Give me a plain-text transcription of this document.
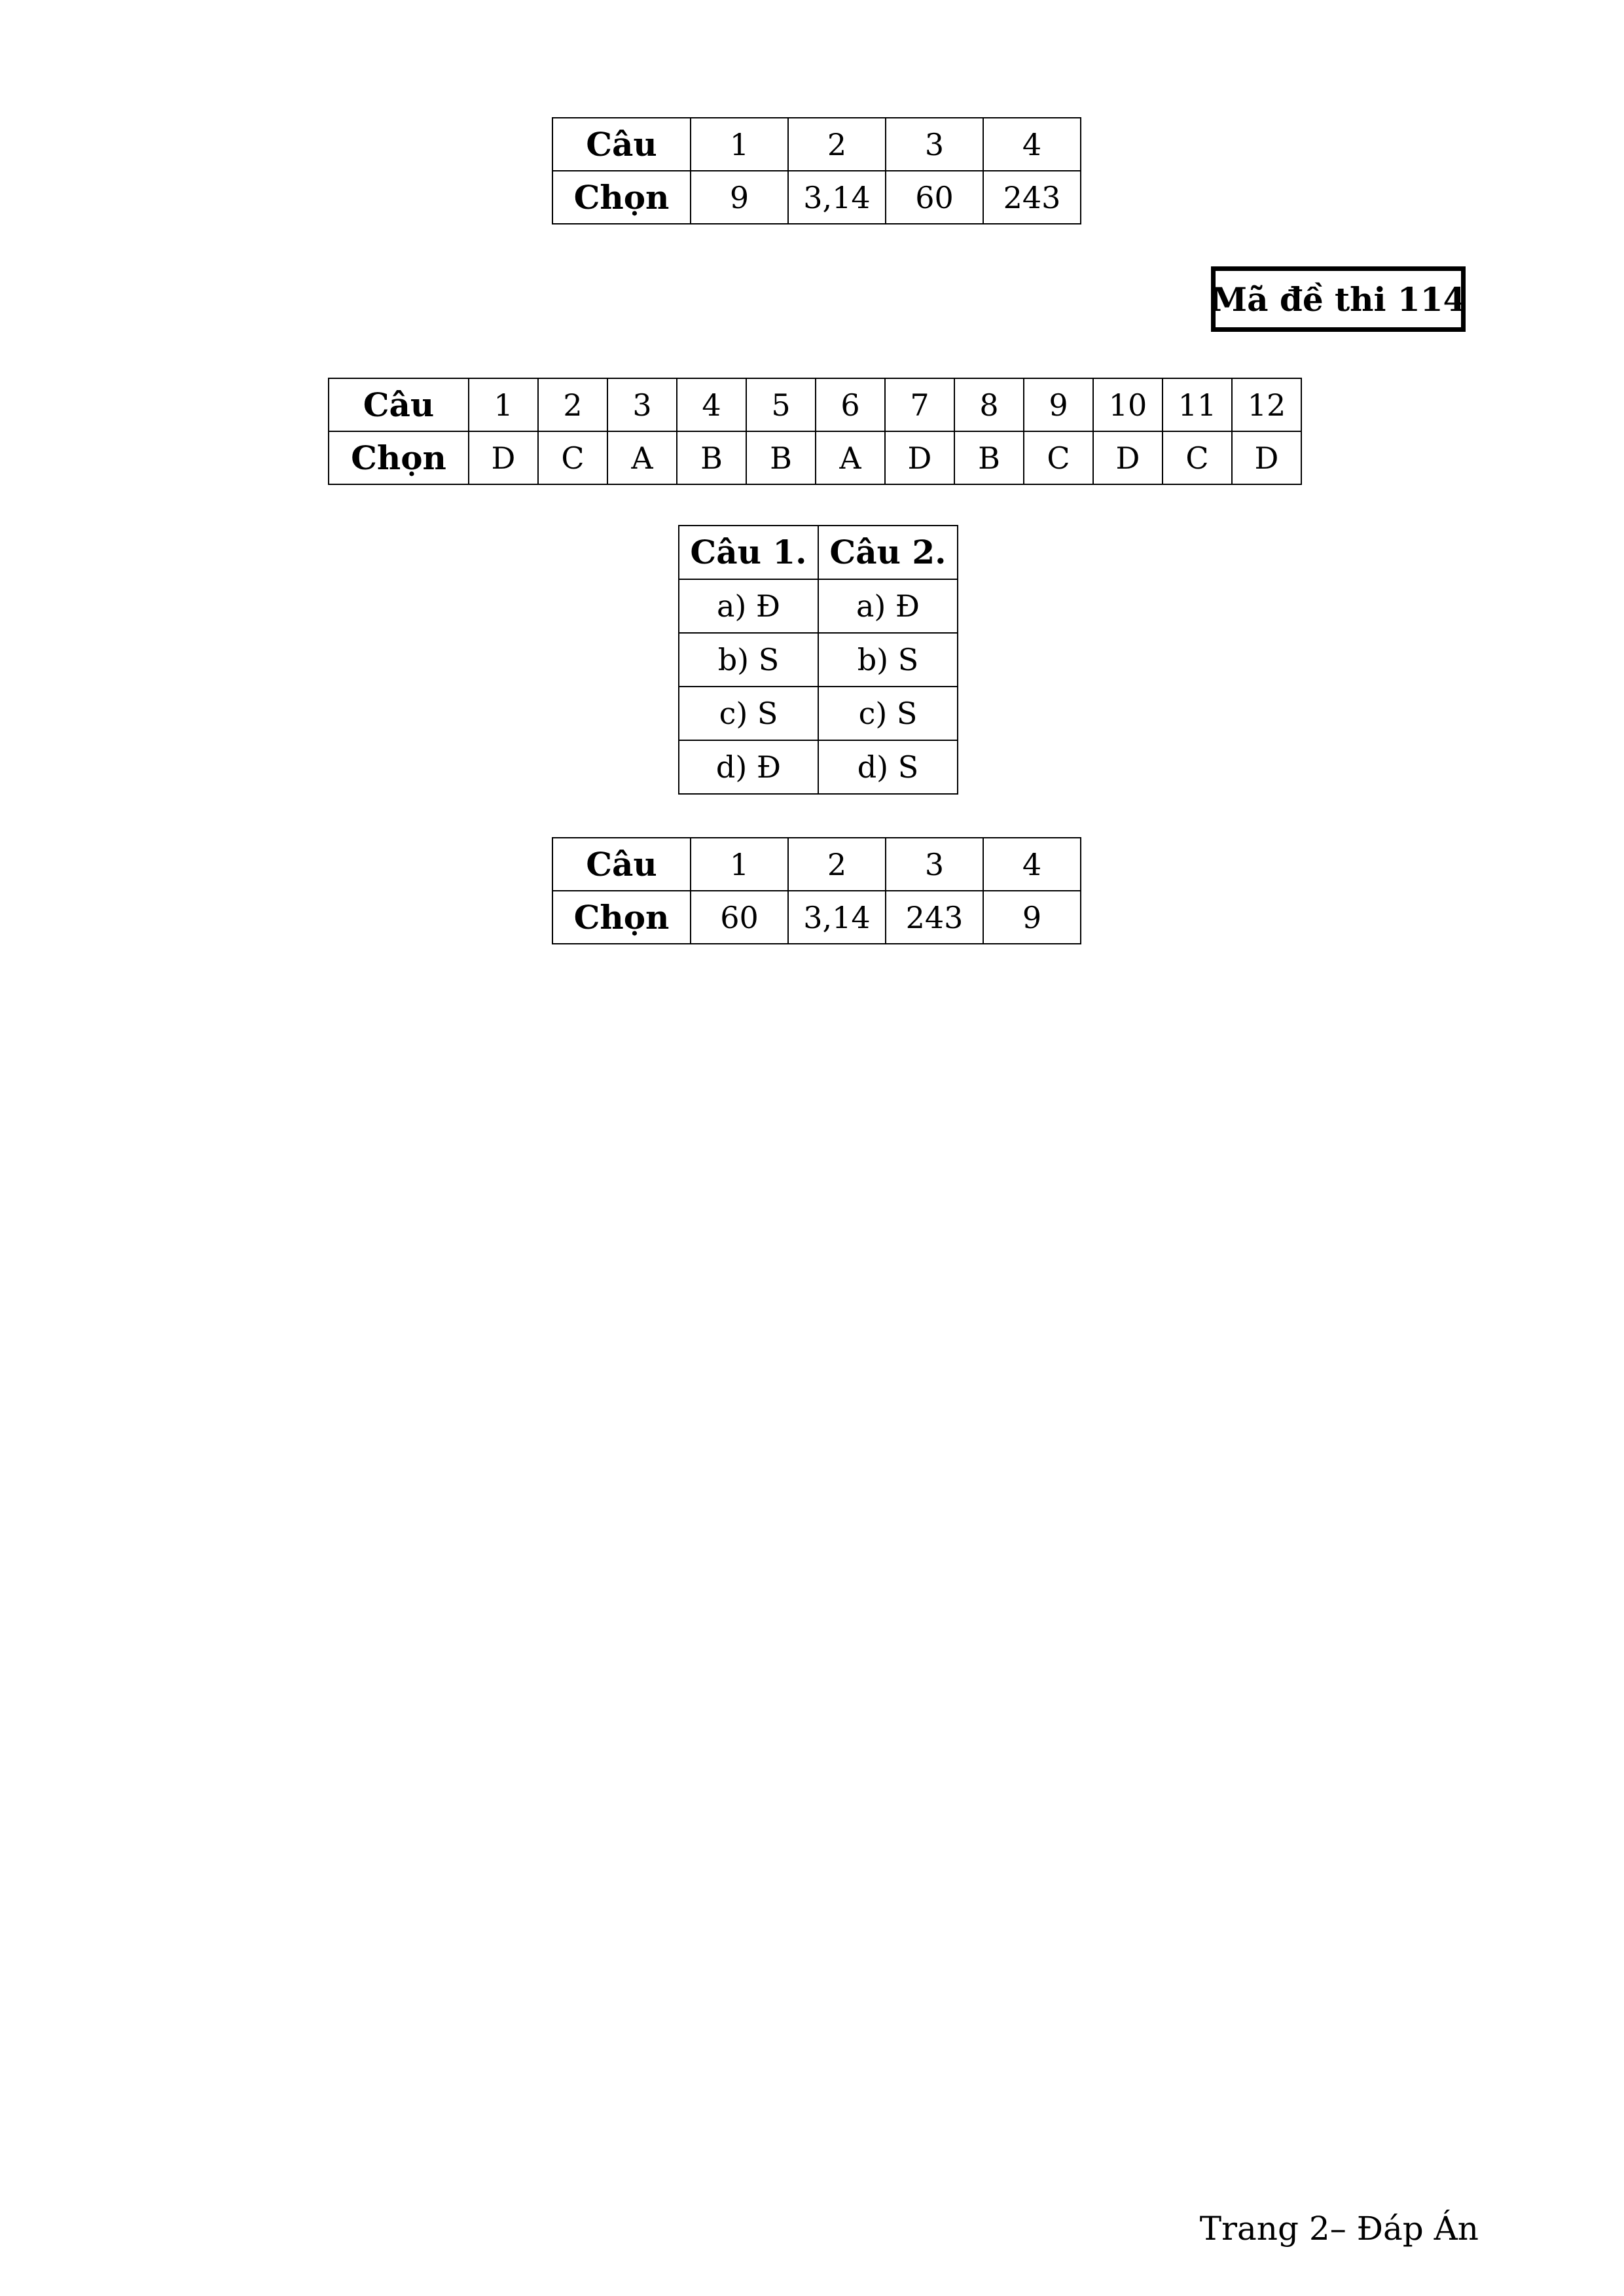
Câu	1	2	3	4
Chọn	9	3,14	60	243
Mã đề thi 114
Câu	1	2	3	4	5	6	7	8	9	10	11	12
Chọn	D	C	A	B	B	A	D	B	C	D	C	D
Câu 1.	Câu 2.
a) Đ	a) Đ
b) S	b) S
c) S	c) S
d) Đ	d) S
Câu	1	2	3	4
Chọn	60	3,14	243	9
Trang 2– Đáp Án
